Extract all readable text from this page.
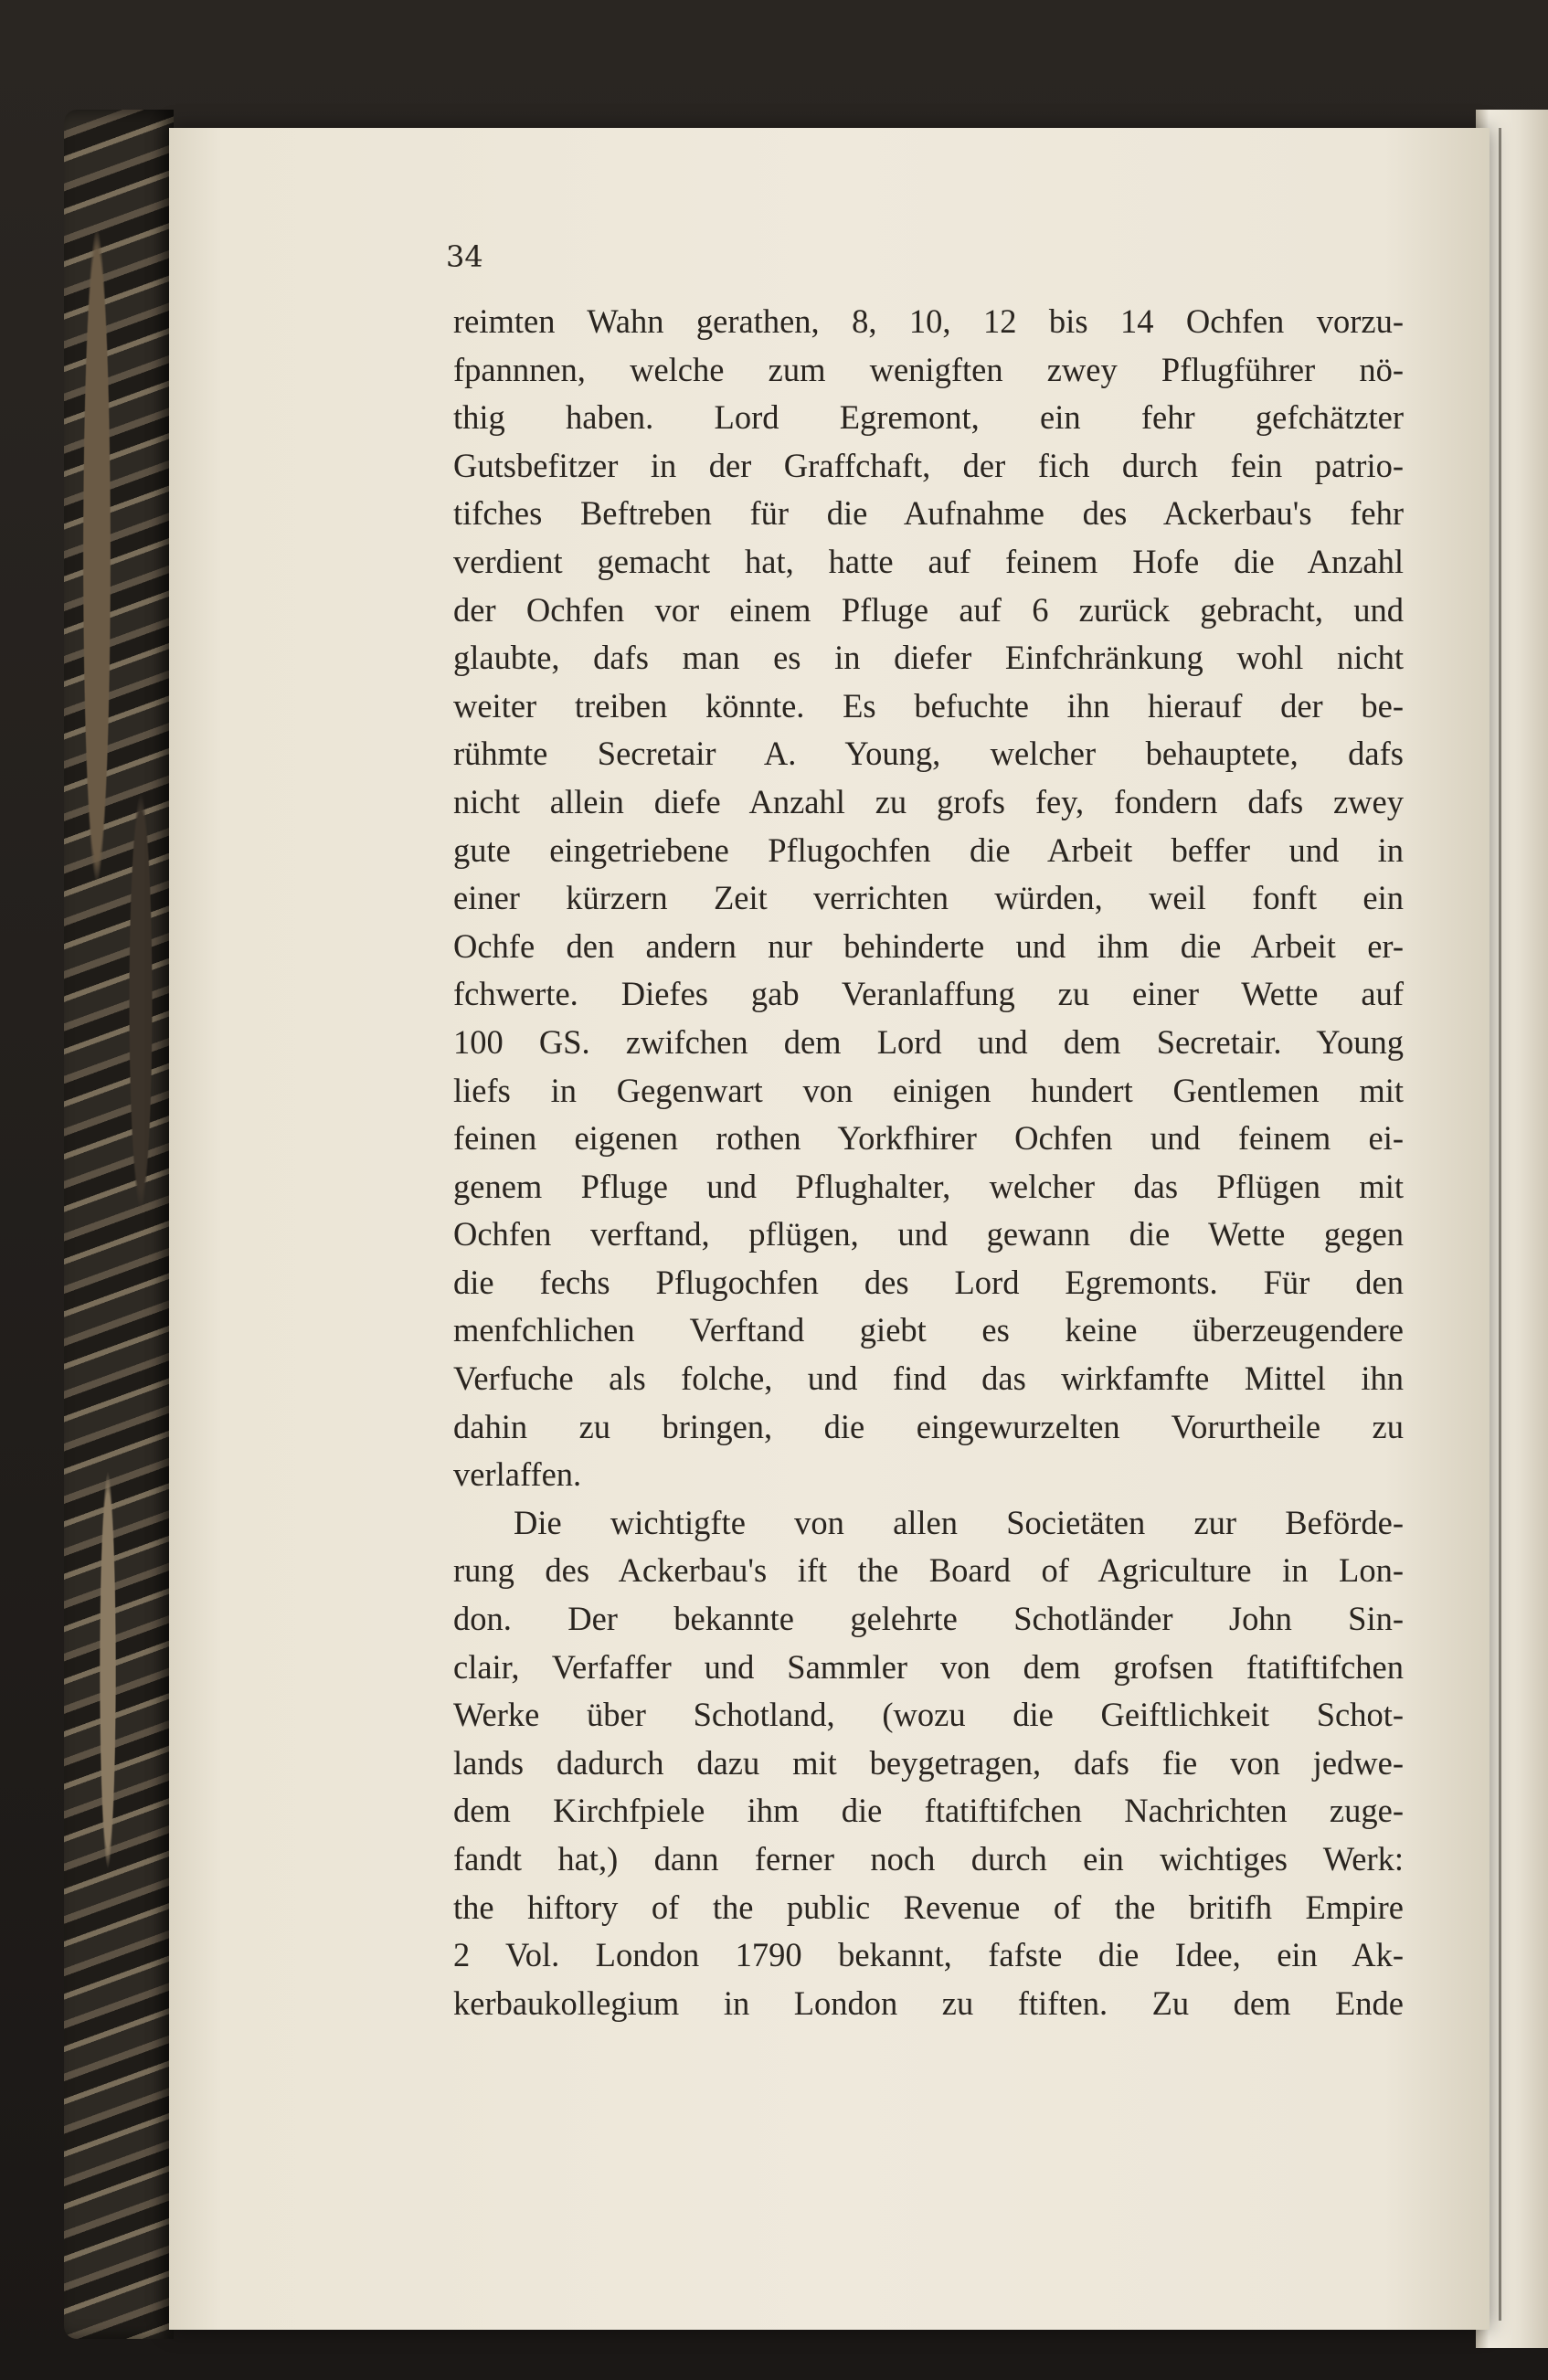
34
reimten Wahn gerathen, 8, 10, 12 bis 14 Ochfen vorzu-
fpannnen, welche zum wenigften zwey Pflugführer nö-
thig haben. Lord Egremont, ein fehr gefchätzter
Gutsbefitzer in der Graffchaft, der fich durch fein patrio-
tifches Beftreben für die Aufnahme des Ackerbau's fehr
verdient gemacht hat, hatte auf feinem Hofe die Anzahl
der Ochfen vor einem Pfluge auf 6 zurück gebracht, und
glaubte, dafs man es in diefer Einfchränkung wohl nicht
weiter treiben könnte. Es befuchte ihn hierauf der be-
rühmte Secretair A. Young, welcher behauptete, dafs
nicht allein diefe Anzahl zu grofs fey, fondern dafs zwey
gute eingetriebene Pflugochfen die Arbeit beffer und in
einer kürzern Zeit verrichten würden, weil fonft ein
Ochfe den andern nur behinderte und ihm die Arbeit er-
fchwerte. Diefes gab Veranlaffung zu einer Wette auf
100 GS. zwifchen dem Lord und dem Secretair. Young
liefs in Gegenwart von einigen hundert Gentlemen mit
feinen eigenen rothen Yorkfhirer Ochfen und feinem ei-
genem Pfluge und Pflughalter, welcher das Pflügen mit
Ochfen verftand, pflügen, und gewann die Wette gegen
die fechs Pflugochfen des Lord Egremonts. Für den
menfchlichen Verftand giebt es keine überzeugendere
Verfuche als folche, und find das wirkfamfte Mittel ihn
dahin zu bringen, die eingewurzelten Vorurtheile zu
verlaffen.
Die wichtigfte von allen Societäten zur Beförde-
rung des Ackerbau's ift the Board of Agriculture in Lon-
don. Der bekannte gelehrte Schotländer John Sin-
clair, Verfaffer und Sammler von dem grofsen ftatiftifchen
Werke über Schotland, (wozu die Geiftlichkeit Schot-
lands dadurch dazu mit beygetragen, dafs fie von jedwe-
dem Kirchfpiele ihm die ftatiftifchen Nachrichten zuge-
fandt hat,) dann ferner noch durch ein wichtiges Werk:
the hiftory of the public Revenue of the britifh Empire
2 Vol. London 1790 bekannt, fafste die Idee, ein Ak-
kerbaukollegium in London zu ftiften. Zu dem Ende
